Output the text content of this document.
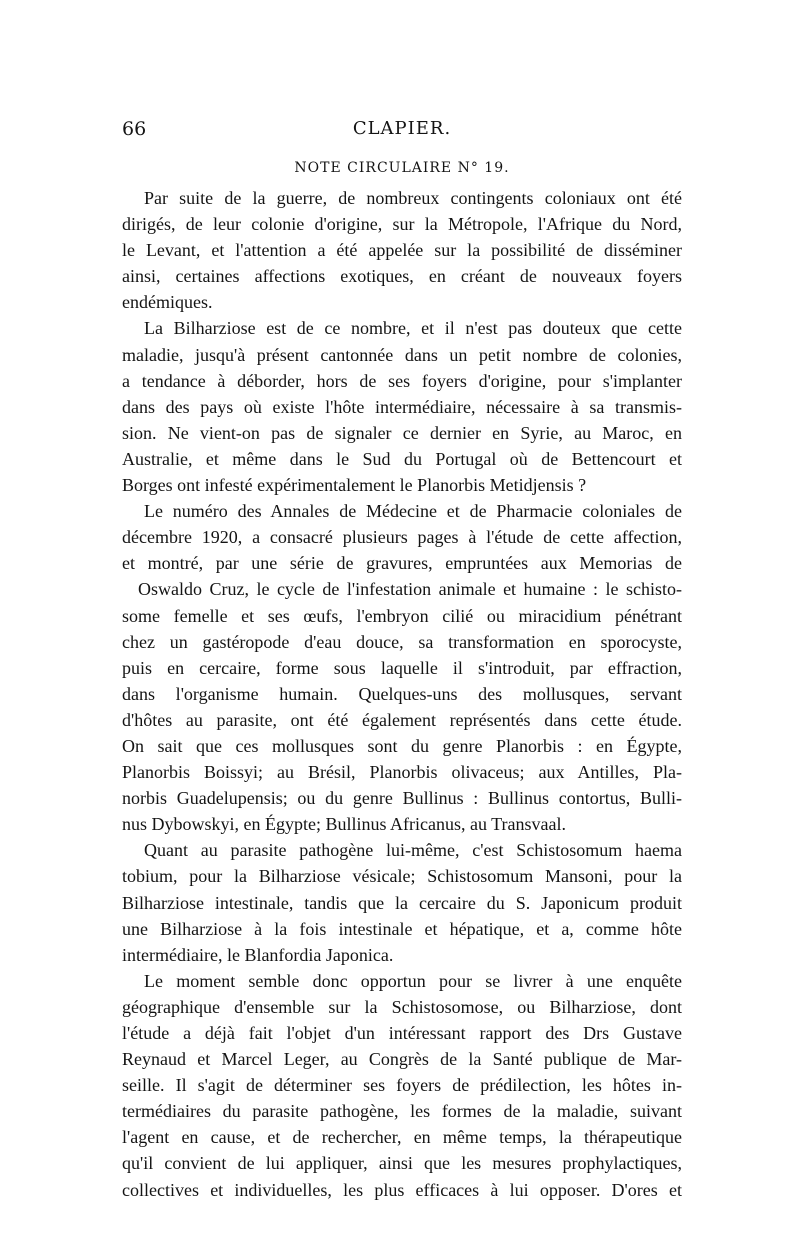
66	CLAPIER.
NOTE CIRCULAIRE N° 19.
Par suite de la guerre, de nombreux contingents coloniaux ont été
dirigés, de leur colonie d'origine, sur la Métropole, l'Afrique du Nord,
le Levant, et l'attention a été appelée sur la possibilité de disséminer
ainsi, certaines affections exotiques, en créant de nouveaux foyers
endémiques.
La Bilharziose est de ce nombre, et il n'est pas douteux que cette
maladie, jusqu'à présent cantonnée dans un petit nombre de colonies,
a tendance à déborder, hors de ses foyers d'origine, pour s'implanter
dans des pays où existe l'hôte intermédiaire, nécessaire à sa transmis-
sion. Ne vient-on pas de signaler ce dernier en Syrie, au Maroc, en
Australie, et même dans le Sud du Portugal où de Bettencourt et
Borges ont infesté expérimentalement le Planorbis Metidjensis ?
Le numéro des Annales de Médecine et de Pharmacie coloniales de
décembre 1920, a consacré plusieurs pages à l'étude de cette affection,
et montré, par une série de gravures, empruntées aux Memorias de
Oswaldo Cruz, le cycle de l'infestation animale et humaine : le schisto-
some femelle et ses œufs, l'embryon cilié ou miracidium pénétrant
chez un gastéropode d'eau douce, sa transformation en sporocyste,
puis en cercaire, forme sous laquelle il s'introduit, par effraction,
dans l'organisme humain. Quelques-uns des mollusques, servant
d'hôtes au parasite, ont été également représentés dans cette étude.
On sait que ces mollusques sont du genre Planorbis : en Égypte,
Planorbis Boissyi; au Brésil, Planorbis olivaceus; aux Antilles, Pla-
norbis Guadelupensis; ou du genre Bullinus : Bullinus contortus, Bulli-
nus Dybowskyi, en Égypte; Bullinus Africanus, au Transvaal.
Quant au parasite pathogène lui-même, c'est Schistosomum haema
tobium, pour la Bilharziose vésicale; Schistosomum Mansoni, pour la
Bilharziose intestinale, tandis que la cercaire du S. Japonicum produit
une Bilharziose à la fois intestinale et hépatique, et a, comme hôte
intermédiaire, le Blanfordia Japonica.
Le moment semble donc opportun pour se livrer à une enquête
géographique d'ensemble sur la Schistosomose, ou Bilharziose, dont
l'étude a déjà fait l'objet d'un intéressant rapport des Drs Gustave
Reynaud et Marcel Leger, au Congrès de la Santé publique de Mar-
seille. Il s'agit de déterminer ses foyers de prédilection, les hôtes in-
termédiaires du parasite pathogène, les formes de la maladie, suivant
l'agent en cause, et de rechercher, en même temps, la thérapeutique
qu'il convient de lui appliquer, ainsi que les mesures prophylactiques,
collectives et individuelles, les plus efficaces à lui opposer. D'ores et
